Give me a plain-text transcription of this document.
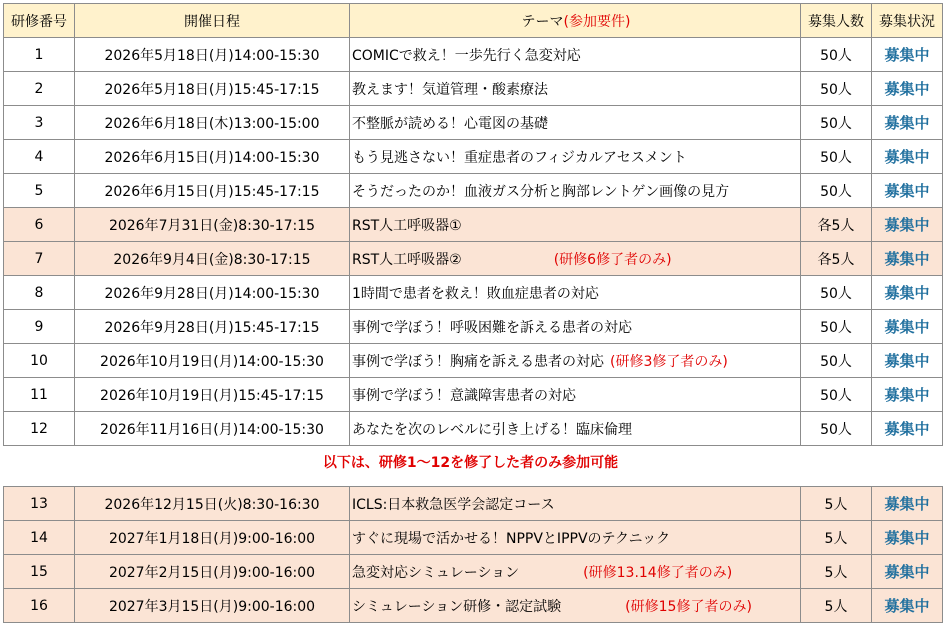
研修番号	開催日程	テーマ(参加要件)	募集人数	募集状況
1	2026年5月18日(月)14:00-15:30	COMICで救え！一歩先行く急変対応	50人	募集中
2	2026年5月18日(月)15:45-17:15	教えます！気道管理・酸素療法	50人	募集中
3	2026年6月18日(木)13:00-15:00	不整脈が読める！心電図の基礎	50人	募集中
4	2026年6月15日(月)14:00-15:30	もう見逃さない！重症患者のフィジカルアセスメント	50人	募集中
5	2026年6月15日(月)15:45-17:15	そうだったのか！血液ガス分析と胸部レントゲン画像の見方	50人	募集中
6	2026年7月31日(金)8:30-17:15	RST人工呼吸器①	各5人	募集中
7	2026年9月4日(金)8:30-17:15	RST人工呼吸器② (研修6修了者のみ)	各5人	募集中
8	2026年9月28日(月)14:00-15:30	1時間で患者を救え！敗血症患者の対応	50人	募集中
9	2026年9月28日(月)15:45-17:15	事例で学ぼう！呼吸困難を訴える患者の対応	50人	募集中
10	2026年10月19日(月)14:00-15:30	事例で学ぼう！胸痛を訴える患者の対応 (研修3修了者のみ)	50人	募集中
11	2026年10月19日(月)15:45-17:15	事例で学ぼう！意識障害患者の対応	50人	募集中
12	2026年11月16日(月)14:00-15:30	あなたを次のレベルに引き上げる！臨床倫理	50人	募集中
以下は、研修1～12を修了した者のみ参加可能
13	2026年12月15日(火)8:30-16:30	ICLS:日本救急医学会認定コース	5人	募集中
14	2027年1月18日(月)9:00-16:00	すぐに現場で活かせる！NPPVとIPPVのテクニック	5人	募集中
15	2027年2月15日(月)9:00-16:00	急変対応シミュレーション (研修13.14修了者のみ)	5人	募集中
16	2027年3月15日(月)9:00-16:00	シミュレーション研修・認定試験 (研修15修了者のみ)	5人	募集中
